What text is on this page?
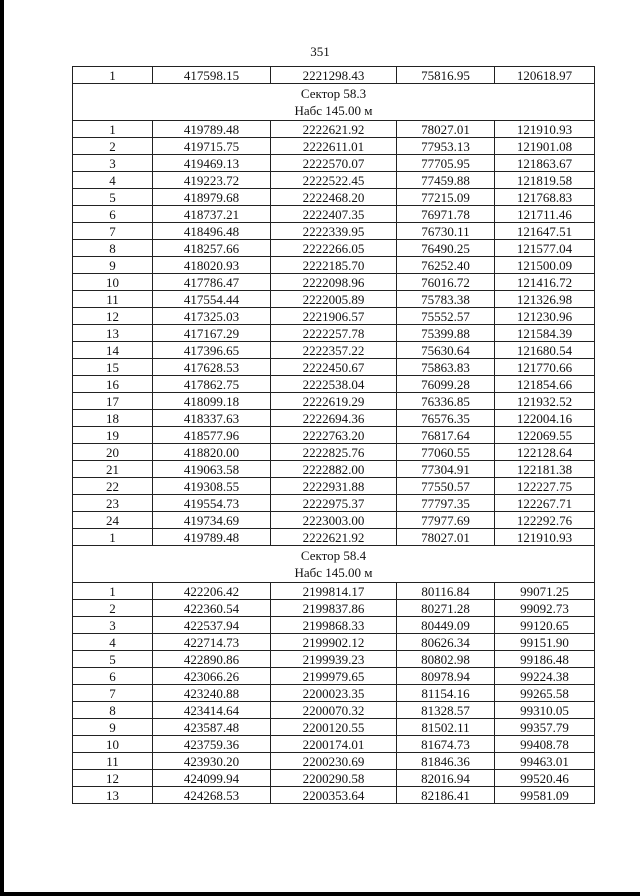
351
1	417598.15	2221298.43	75816.95	120618.97

Сектор 58.3
Набс 145.00 м				

1	419789.48	2222621.92	78027.01	121910.93
2	419715.75	2222611.01	77953.13	121901.08
3	419469.13	2222570.07	77705.95	121863.67
4	419223.72	2222522.45	77459.88	121819.58
5	418979.68	2222468.20	77215.09	121768.83
6	418737.21	2222407.35	76971.78	121711.46
7	418496.48	2222339.95	76730.11	121647.51
8	418257.66	2222266.05	76490.25	121577.04
9	418020.93	2222185.70	76252.40	121500.09
10	417786.47	2222098.96	76016.72	121416.72
11	417554.44	2222005.89	75783.38	121326.98
12	417325.03	2221906.57	75552.57	121230.96
13	417167.29	2222257.78	75399.88	121584.39
14	417396.65	2222357.22	75630.64	121680.54
15	417628.53	2222450.67	75863.83	121770.66
16	417862.75	2222538.04	76099.28	121854.66
17	418099.18	2222619.29	76336.85	121932.52
18	418337.63	2222694.36	76576.35	122004.16
19	418577.96	2222763.20	76817.64	122069.55
20	418820.00	2222825.76	77060.55	122128.64
21	419063.58	2222882.00	77304.91	122181.38
22	419308.55	2222931.88	77550.57	122227.75
23	419554.73	2222975.37	77797.35	122267.71
24	419734.69	2223003.00	77977.69	122292.76
1	419789.48	2222621.92	78027.01	121910.93

Сектор 58.4
Набс 145.00 м				

1	422206.42	2199814.17	80116.84	99071.25
2	422360.54	2199837.86	80271.28	99092.73
3	422537.94	2199868.33	80449.09	99120.65
4	422714.73	2199902.12	80626.34	99151.90
5	422890.86	2199939.23	80802.98	99186.48
6	423066.26	2199979.65	80978.94	99224.38
7	423240.88	2200023.35	81154.16	99265.58
8	423414.64	2200070.32	81328.57	99310.05
9	423587.48	2200120.55	81502.11	99357.79
10	423759.36	2200174.01	81674.73	99408.78
11	423930.20	2200230.69	81846.36	99463.01
12	424099.94	2200290.58	82016.94	99520.46
13	424268.53	2200353.64	82186.41	99581.09
